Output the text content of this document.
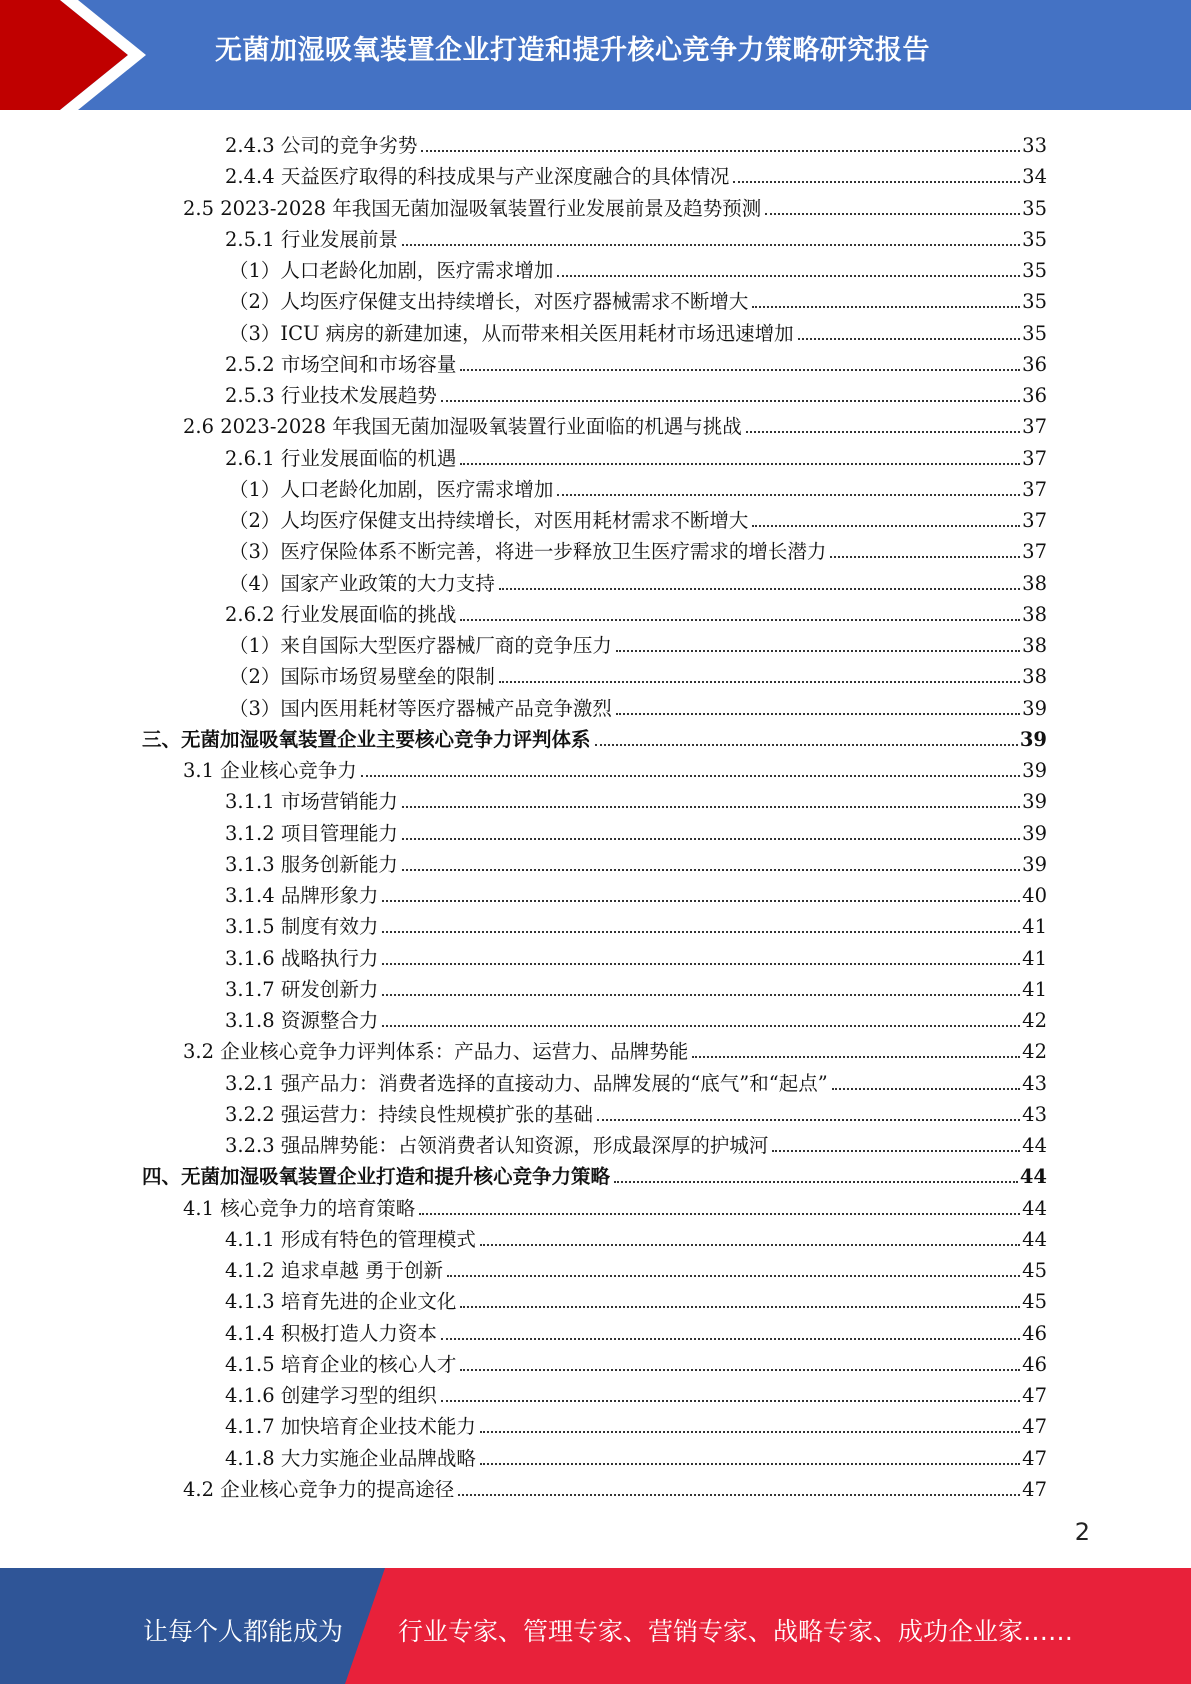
无菌加湿吸氧装置企业打造和提升核心竞争力策略研究报告
2.4.3 公司的竞争劣势	33
2.4.4 天益医疗取得的科技成果与产业深度融合的具体情况	34
2.5 2023-2028 年我国无菌加湿吸氧装置行业发展前景及趋势预测	35
2.5.1 行业发展前景	35
（1）人口老龄化加剧，医疗需求增加	35
（2）人均医疗保健支出持续增长，对医疗器械需求不断增大	35
（3）ICU 病房的新建加速，从而带来相关医用耗材市场迅速增加	35
2.5.2 市场空间和市场容量	36
2.5.3 行业技术发展趋势	36
2.6 2023-2028 年我国无菌加湿吸氧装置行业面临的机遇与挑战	37
2.6.1 行业发展面临的机遇	37
（1）人口老龄化加剧，医疗需求增加	37
（2）人均医疗保健支出持续增长，对医用耗材需求不断增大	37
（3）医疗保险体系不断完善，将进一步释放卫生医疗需求的增长潜力	37
（4）国家产业政策的大力支持	38
2.6.2 行业发展面临的挑战	38
（1）来自国际大型医疗器械厂商的竞争压力	38
（2）国际市场贸易壁垒的限制	38
（3）国内医用耗材等医疗器械产品竞争激烈	39
三、无菌加湿吸氧装置企业主要核心竞争力评判体系	39
3.1 企业核心竞争力	39
3.1.1 市场营销能力	39
3.1.2 项目管理能力	39
3.1.3 服务创新能力	39
3.1.4 品牌形象力	40
3.1.5 制度有效力	41
3.1.6 战略执行力	41
3.1.7 研发创新力	41
3.1.8 资源整合力	42
3.2 企业核心竞争力评判体系：产品力、运营力、品牌势能	42
3.2.1 强产品力：消费者选择的直接动力、品牌发展的“底气”和“起点”	43
3.2.2 强运营力：持续良性规模扩张的基础	43
3.2.3 强品牌势能：占领消费者认知资源，形成最深厚的护城河	44
四、无菌加湿吸氧装置企业打造和提升核心竞争力策略	44
4.1 核心竞争力的培育策略	44
4.1.1 形成有特色的管理模式	44
4.1.2 追求卓越 勇于创新	45
4.1.3 培育先进的企业文化	45
4.1.4 积极打造人力资本	46
4.1.5 培育企业的核心人才	46
4.1.6 创建学习型的组织	47
4.1.7 加快培育企业技术能力	47
4.1.8 大力实施企业品牌战略	47
4.2 企业核心竞争力的提高途径	47
2
让每个人都能成为 行业专家、管理专家、营销专家、战略专家、成功企业家……
